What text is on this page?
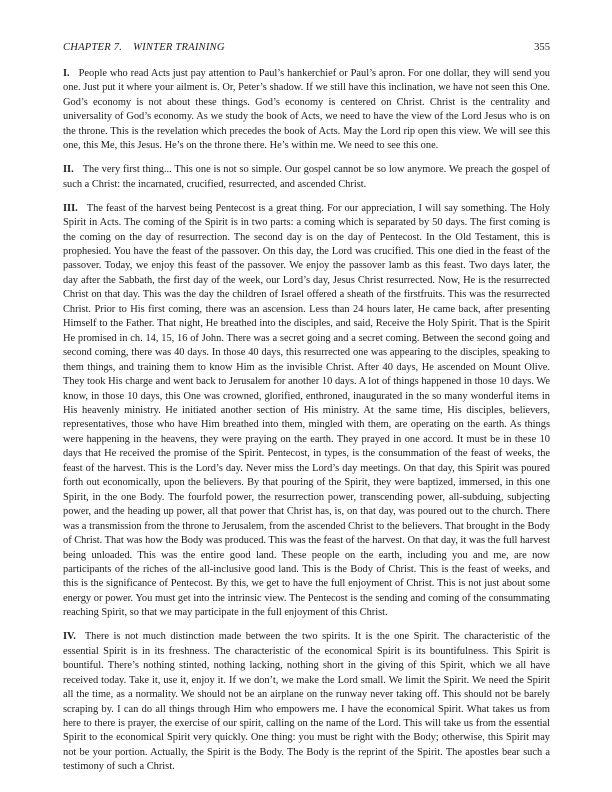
CHAPTER 7. WINTER TRAINING	355

I. People who read Acts just pay attention to Paul’s hankerchief or Paul’s apron. For one dollar, they will send you one. Just put it where your ailment is. Or, Peter’s shadow. If we still have this inclination, we have not seen this One. God’s economy is not about these things. God’s economy is centered on Christ. Christ is the centrality and universality of God’s economy. As we study the book of Acts, we need to have the view of the Lord Jesus who is on the throne. This is the revelation which precedes the book of Acts. May the Lord rip open this view. We will see this one, this Me, this Jesus. He’s on the throne there. He’s within me. We need to see this one.

II. The very first thing... This one is not so simple. Our gospel cannot be so low anymore. We preach the gospel of such a Christ: the incarnated, crucified, resurrected, and ascended Christ.

III. The feast of the harvest being Pentecost is a great thing. For our appreciation, I will say something. The Holy Spirit in Acts. The coming of the Spirit is in two parts: a coming which is separated by 50 days. The first coming is the coming on the day of resurrection. The second day is on the day of Pentecost. In the Old Testament, this is prophesied. You have the feast of the passover. On this day, the Lord was crucified. This one died in the feast of the passover. Today, we enjoy this feast of the passover. We enjoy the passover lamb as this feast. Two days later, the day after the Sabbath, the first day of the week, our Lord’s day, Jesus Christ resurrected. Now, He is the resurrected Christ on that day. This was the day the children of Israel offered a sheath of the firstfruits. This was the resurrected Christ. Prior to His first coming, there was an ascension. Less than 24 hours later, He came back, after presenting Himself to the Father. That night, He breathed into the disciples, and said, Receive the Holy Spirit. That is the Spirit He promised in ch. 14, 15, 16 of John. There was a secret going and a secret coming. Between the second going and second coming, there was 40 days. In those 40 days, this resurrected one was appearing to the disciples, speaking to them things, and training them to know Him as the invisible Christ. After 40 days, He ascended on Mount Olive. They took His charge and went back to Jerusalem for another 10 days. A lot of things happened in those 10 days. We know, in those 10 days, this One was crowned, glorified, enthroned, inaugurated in the so many wonderful items in His heavenly ministry. He initiated another section of His ministry. At the same time, His disciples, believers, representatives, those who have Him breathed into them, mingled with them, are operating on the earth. As things were happening in the heavens, they were praying on the earth. They prayed in one accord. It must be in these 10 days that He received the promise of the Spirit. Pentecost, in types, is the consummation of the feast of weeks, the feast of the harvest. This is the Lord’s day. Never miss the Lord’s day meetings. On that day, this Spirit was poured forth out economically, upon the believers. By that pouring of the Spirit, they were baptized, immersed, in this one Spirit, in the one Body. The fourfold power, the resurrection power, transcending power, all-subduing, subjecting power, and the heading up power, all that power that Christ has, is, on that day, was poured out to the church. There was a transmission from the throne to Jerusalem, from the ascended Christ to the believers. That brought in the Body of Christ. That was how the Body was produced. This was the feast of the harvest. On that day, it was the full harvest being unloaded. This was the entire good land. These people on the earth, including you and me, are now participants of the riches of the all-inclusive good land. This is the Body of Christ. This is the feast of weeks, and this is the significance of Pentecost. By this, we get to have the full enjoyment of Christ. This is not just about some energy or power. You must get into the intrinsic view. The Pentecost is the sending and coming of the consummating reaching Spirit, so that we may participate in the full enjoyment of this Christ.

IV. There is not much distinction made between the two spirits. It is the one Spirit. The characteristic of the essential Spirit is in its freshness. The characteristic of the economical Spirit is its bountifulness. This Spirit is bountiful. There’s nothing stinted, nothing lacking, nothing short in the giving of this Spirit, which we all have received today. Take it, use it, enjoy it. If we don’t, we make the Lord small. We limit the Spirit. We need the Spirit all the time, as a normality. We should not be an airplane on the runway never taking off. This should not be barely scraping by. I can do all things through Him who empowers me. I have the economical Spirit. What takes us from here to there is prayer, the exercise of our spirit, calling on the name of the Lord. This will take us from the essential Spirit to the economical Spirit very quickly. One thing: you must be right with the Body; otherwise, this Spirit may not be your portion. Actually, the Spirit is the Body. The Body is the reprint of the Spirit. The apostles bear such a testimony of such a Christ.
